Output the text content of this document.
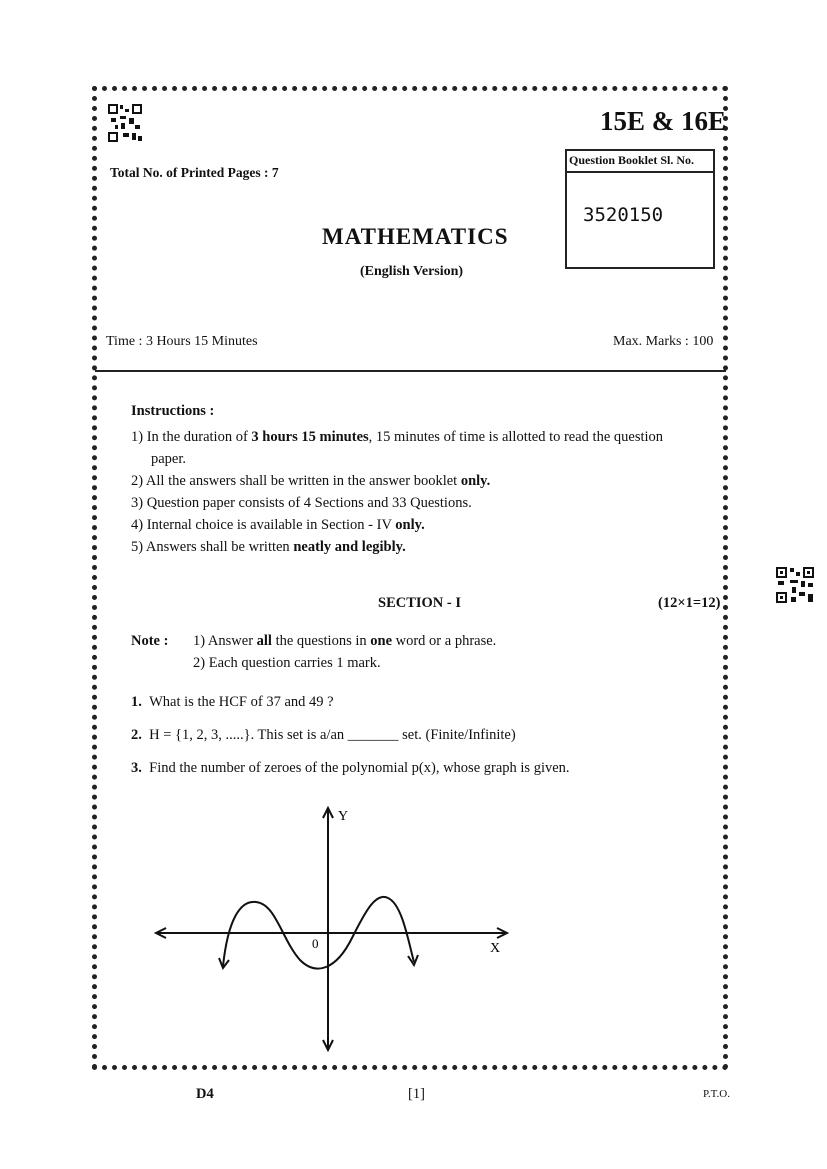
15E & 16E
Total No. of Printed Pages : 7
Question Booklet Sl. No.
3520150
MATHEMATICS
(English Version)
Time : 3 Hours 15 Minutes	Max. Marks : 100
Instructions :
1) In the duration of 3 hours 15 minutes, 15 minutes of time is allotted to read the question
paper.
2) All the answers shall be written in the answer booklet only.
3) Question paper consists of 4 Sections and 33 Questions.
4) Internal choice is available in Section - IV only.
5) Answers shall be written neatly and legibly.
SECTION - I	(12×1=12)
Note : 1) Answer all the questions in one word or a phrase.
2) Each question carries 1 mark.
1. What is the HCF of 37 and 49 ?
2. H = {1, 2, 3, .....}. This set is a/an _______ set. (Finite/Infinite)
3. Find the number of zeroes of the polynomial p(x), whose graph is given.
Y
X
0
D4	[1]	P.T.O.
